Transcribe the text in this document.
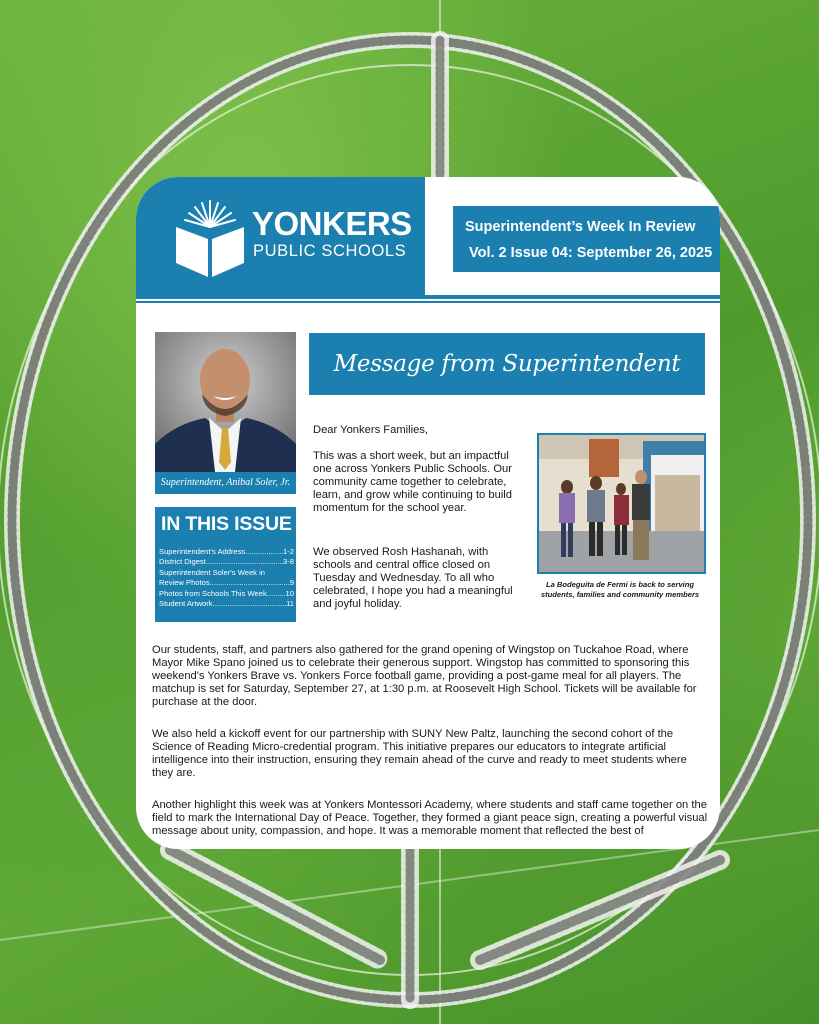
YONKERS
PUBLIC SCHOOLS
Superintendent’s Week In Review
Vol. 2 Issue 04: September 26, 2025
Superintendent, Anibal Soler, Jr.
IN THIS ISSUE
Superintendent's Address .....	1-2
District Digest .....	3-8
Superintendent Soler's Week in
Review Photos .....	9
Photos from Schools This Week ..... 10
Student Artwork .....	11
Message from Superintendent Soler
Dear Yonkers Families,
This was a short week, but an impactful one across Yonkers Public Schools. Our community came together to celebrate, learn, and grow while continuing to build momentum for the school year.
We observed Rosh Hashanah, with schools and central office closed on Tuesday and Wednesday. To all who celebrated, I hope you had a meaningful and joyful holiday.
La Bodeguita de Fermi is back to serving students, families and community members
Our students, staff, and partners also gathered for the grand opening of Wingstop on Tuckahoe Road, where Mayor Mike Spano joined us to celebrate their generous support. Wingstop has committed to sponsoring this weekend's Yonkers Brave vs. Yonkers Force football game, providing a post-game meal for all players. The matchup is set for Saturday, September 27, at 1:30 p.m. at Roosevelt High School. Tickets will be available for purchase at the door.
We also held a kickoff event for our partnership with SUNY New Paltz, launching the second cohort of the Science of Reading Micro-credential program. This initiative prepares our educators to integrate artificial intelligence into their instruction, ensuring they remain ahead of the curve and ready to meet students where they are.
Another highlight this week was at Yonkers Montessori Academy, where students and staff came together on the field to mark the International Day of Peace. Together, they formed a giant peace sign, creating a powerful visual message about unity, compassion, and hope. It was a memorable moment that reflected the best of
